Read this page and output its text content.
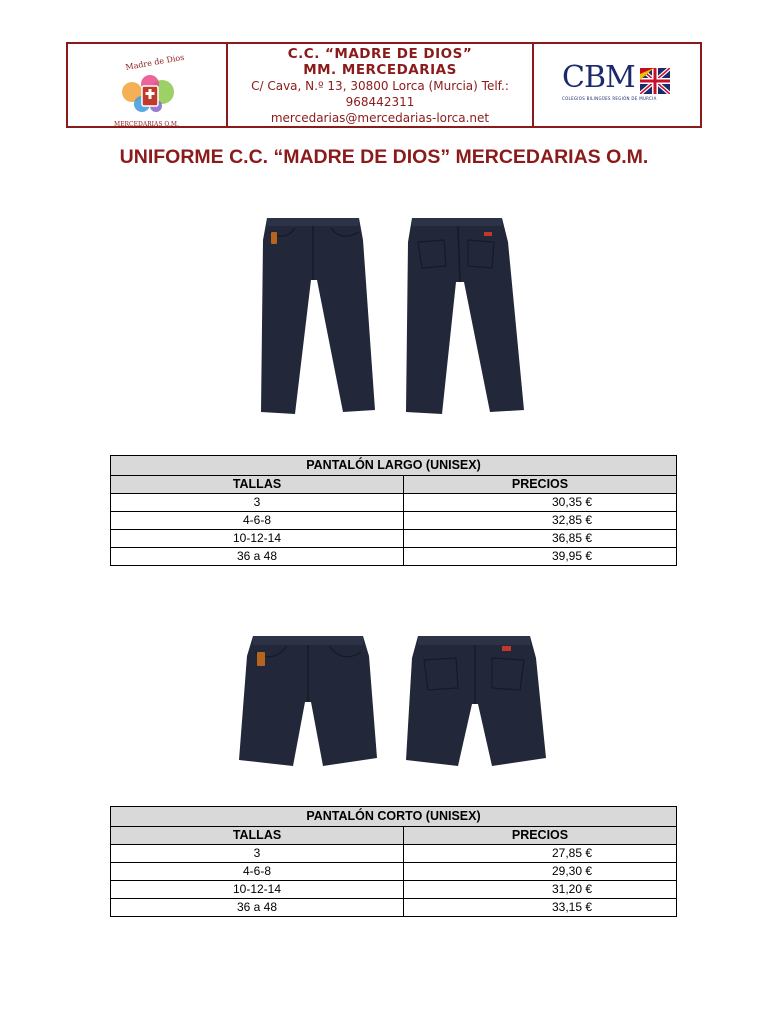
Madre de Dios
MERCEDARIAS O.M.
C.C. “MADRE DE DIOS”
MM. MERCEDARIAS
C/ Cava, N.º 13, 30800 Lorca (Murcia) Telf.:
968442311
mercedarias@mercedarias-lorca.net
CBM
COLEGIOS BILINGÜES REGIÓN DE MURCIA
UNIFORME C.C. “MADRE DE DIOS” MERCEDARIAS O.M.
PANTALÓN LARGO (UNISEX)	
TALLAS	PRECIOS
3	30,35 €
4-6-8	32,85 €
10-12-14	36,85 €
36 a 48	39,95 €
PANTALÓN CORTO (UNISEX)	
TALLAS	PRECIOS
3	27,85 €
4-6-8	29,30 €
10-12-14	31,20 €
36 a 48	33,15 €
